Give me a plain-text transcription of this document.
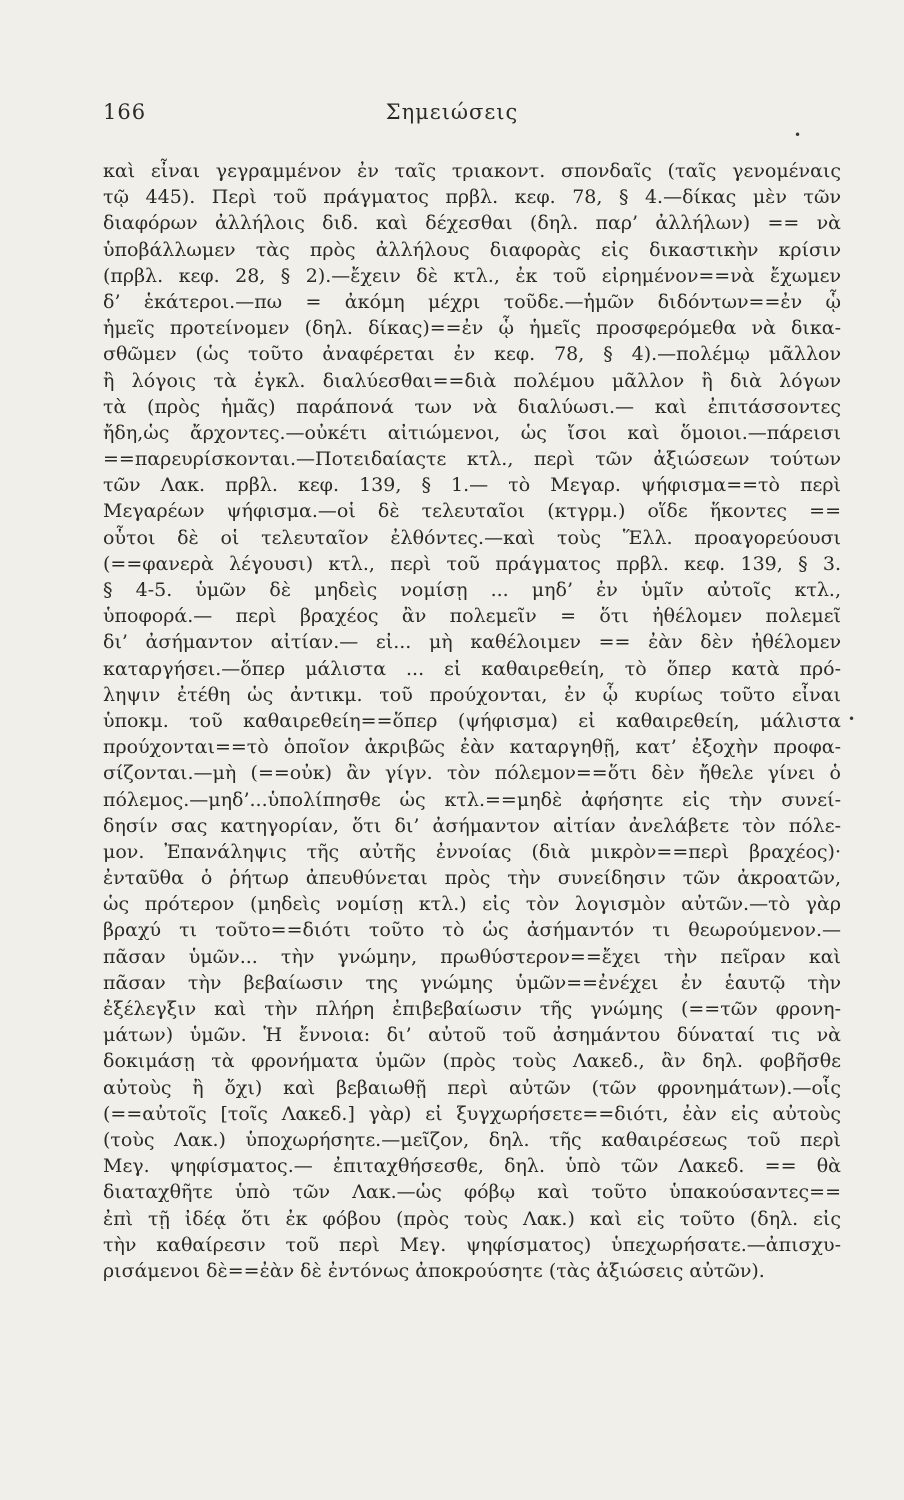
166	Σημειώσεις
•
•
καὶ εἶναι γεγραμμένον ἐν ταῖς τριακοντ. σπονδαῖς (ταῖς γενομέναις
τῷ 445). Περὶ τοῦ πράγματος πρβλ. κεφ. 78, § 4.—δίκας μὲν τῶν
διαφόρων ἀλλήλοις διδ. καὶ δέχεσθαι (δηλ. παρ’ ἀλλήλων) == νὰ
ὑποβάλλωμεν τὰς πρὸς ἀλλήλους διαφορὰς εἰς δικαστικὴν κρίσιν
(πρβλ. κεφ. 28, § 2).—ἔχειν δὲ κτλ., ἐκ τοῦ εἰρημένον==νὰ ἔχωμεν
δ’ ἑκάτεροι.—πω = ἀκόμη μέχρι τοῦδε.—ἡμῶν διδόντων==ἐν ᾧ
ἡμεῖς προτείνομεν (δηλ. δίκας)==ἐν ᾧ ἡμεῖς προσφερόμεθα νὰ δικα-
σθῶμεν (ὡς τοῦτο ἀναφέρεται ἐν κεφ. 78, § 4).—πολέμῳ μᾶλλον
ἢ λόγοις τὰ ἐγκλ. διαλύεσθαι==διὰ πολέμου μᾶλλον ἢ διὰ λόγων
τὰ (πρὸς ἡμᾶς) παράπονά των νὰ διαλύωσι.— καὶ ἐπιτάσσοντες
ἤδη,ὡς ἄρχοντες.—οὐκέτι αἰτιώμενοι, ὡς ἴσοι καὶ ὅμοιοι.—πάρεισι
==παρευρίσκονται.—Ποτειδαίαςτε κτλ., περὶ τῶν ἀξιώσεων τούτων
τῶν Λακ. πρβλ. κεφ. 139, § 1.— τὸ Μεγαρ. ψήφισμα==τὸ περὶ
Μεγαρέων ψήφισμα.—οἱ δὲ τελευταῖοι (κτγρμ.) οἵδε ἥκοντες ==
οὗτοι δὲ οἱ τελευταῖον ἐλθόντες.—καὶ τοὺς Ἕλλ. προαγορεύουσι
(==φανερὰ λέγουσι) κτλ., περὶ τοῦ πράγματος πρβλ. κεφ. 139, § 3.
§ 4-5. ὑμῶν δὲ μηδεὶς νομίσῃ ... μηδ’ ἐν ὑμῖν αὐτοῖς κτλ.,
ὑποφορά.— περὶ βραχέος ἂν πολεμεῖν = ὅτι ἠθέλομεν πολεμεῖ
δι’ ἀσήμαντον αἰτίαν.— εἰ... μὴ καθέλοιμεν == ἐὰν δὲν ἠθέλομεν
καταργήσει.—ὅπερ μάλιστα ... εἰ καθαιρεθείη, τὸ ὅπερ κατὰ πρό-
ληψιν ἐτέθη ὡς ἀντικμ. τοῦ προύχονται, ἐν ᾧ κυρίως τοῦτο εἶναι
ὑποκμ. τοῦ καθαιρεθείη==ὅπερ (ψήφισμα) εἰ καθαιρεθείη, μάλιστα
προύχονται==τὸ ὁποῖον ἀκριβῶς ἐὰν καταργηθῇ, κατ’ ἐξοχὴν προφα-
σίζονται.—μὴ (==οὐκ) ἂν γίγν. τὸν πόλεμον==ὅτι δὲν ἤθελε γίνει ὁ
πόλεμος.—μηδ’...ὑπολίπησθε ὡς κτλ.==μηδὲ ἀφήσητε εἰς τὴν συνεί-
δησίν σας κατηγορίαν, ὅτι δι’ ἀσήμαντον αἰτίαν ἀνελάβετε τὸν πόλε-
μον. Ἐπανάληψις τῆς αὐτῆς ἐννοίας (διὰ μικρὸν==περὶ βραχέος)·
ἐνταῦθα ὁ ῥήτωρ ἀπευθύνεται πρὸς τὴν συνείδησιν τῶν ἀκροατῶν,
ὡς πρότερον (μηδεὶς νομίσῃ κτλ.) εἰς τὸν λογισμὸν αὐτῶν.—τὸ γὰρ
βραχύ τι τοῦτο==διότι τοῦτο τὸ ὡς ἀσήμαντόν τι θεωρούμενον.—
πᾶσαν ὑμῶν... τὴν γνώμην, πρωθύστερον==ἔχει τὴν πεῖραν καὶ
πᾶσαν τὴν βεβαίωσιν της γνώμης ὑμῶν==ἐνέχει ἐν ἑαυτῷ τὴν
ἐξέλεγξιν καὶ τὴν πλήρη ἐπιβεβαίωσιν τῆς γνώμης (==τῶν φρονη-
μάτων) ὑμῶν. Ἡ ἔννοια: δι’ αὐτοῦ τοῦ ἀσημάντου δύναταί τις νὰ
δοκιμάσῃ τὰ φρονήματα ὑμῶν (πρὸς τοὺς Λακεδ., ἂν δηλ. φοβῆσθε
αὐτοὺς ἢ ὄχι) καὶ βεβαιωθῇ περὶ αὐτῶν (τῶν φρονημάτων).—οἷς
(==αὐτοῖς [τοῖς Λακεδ.] γὰρ) εἰ ξυγχωρήσετε==διότι, ἐὰν εἰς αὐτοὺς
(τοὺς Λακ.) ὑποχωρήσητε.—μεῖζον, δηλ. τῆς καθαιρέσεως τοῦ περὶ
Μεγ. ψηφίσματος.— ἐπιταχθήσεσθε, δηλ. ὑπὸ τῶν Λακεδ. == θὰ
διαταχθῆτε ὑπὸ τῶν Λακ.—ὡς φόβῳ καὶ τοῦτο ὑπακούσαντες==
ἐπὶ τῇ ἰδέᾳ ὅτι ἐκ φόβου (πρὸς τοὺς Λακ.) καὶ εἰς τοῦτο (δηλ. εἰς
τὴν καθαίρεσιν τοῦ περὶ Μεγ. ψηφίσματος) ὑπεχωρήσατε.—ἀπισχυ-
ρισάμενοι δὲ==ἐὰν δὲ ἐντόνως ἀποκρούσητε (τὰς ἀξιώσεις αὐτῶν).
